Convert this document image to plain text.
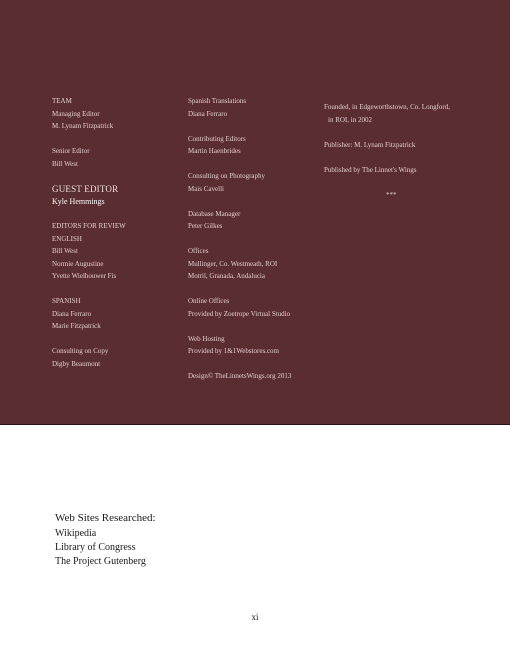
TEAM
Managing Editor
M. Lynam Fitzpatrick
Senior Editor
Bill West
GUEST EDITOR
Kyle Hemmings
EDITORS FOR REVIEW
ENGLISH
Bill West
Normie Augustine
Yvette Wielhouwer Fis
SPANISH
Diana Ferraro
Marie Fitzpatrick
Consulting on Copy
Digby Beaumont
Spanish Translations
Diana Ferraro
Contributing Editors
Martin Haenbrides
Consulting on Photography
Mais Cavelli
Database Manager
Peter Gilkes
Offices
Mullinger, Co. Westmeath, ROI
Motril, Granada, Andalucia
Online Offices
Provided by Zoetrope Virtual Studio
Web Hosting
Provided by 1&1Webstores.com
Design© TheLinnetsWings.org 2013
Founded, in Edgeworthstown, Co. Longford,
in ROI, in 2002
Publisher: M. Lynam Fitzpatrick
Published by The Linnet's Wings
***
Web Sites Researched:
Wikipedia
Library of Congress
The Project Gutenberg
xi
